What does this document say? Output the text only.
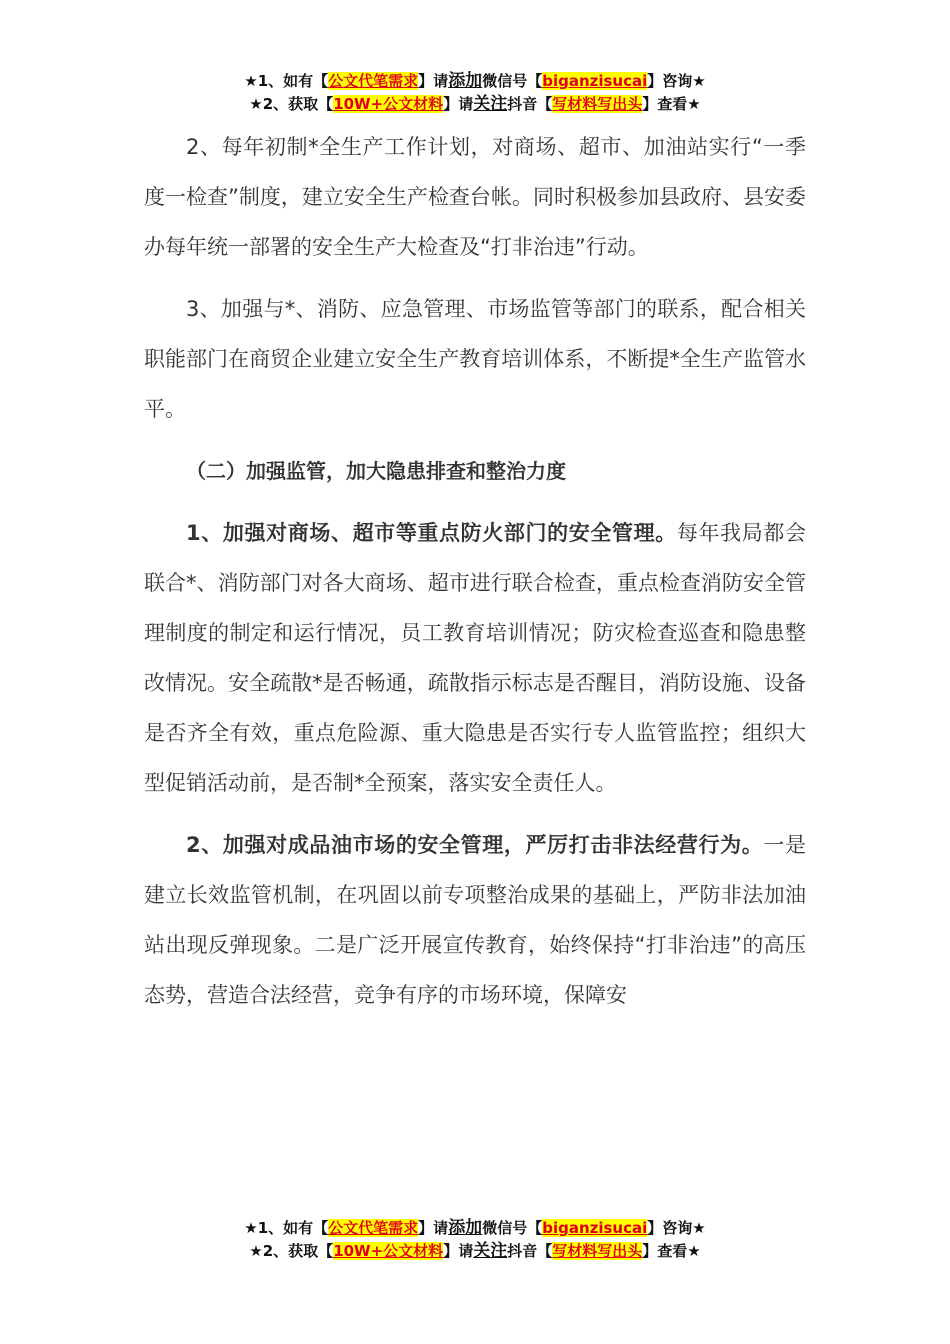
★1、如有【公文代笔需求】请添加微信号【biganzisucai】咨询★
★2、获取【10W+公文材料】请关注抖音【写材料写出头】查看★

2、每年初制*全生产工作计划，对商场、超市、加油站实行“一季度一检查”制度，建立安全生产检查台帐。同时积极参加县政府、县安委办每年统一部署的安全生产大检查及“打非治违”行动。

3、加强与*、消防、应急管理、市场监管等部门的联系，配合相关职能部门在商贸企业建立安全生产教育培训体系，不断提*全生产监管水平。

（二）加强监管，加大隐患排查和整治力度

1、加强对商场、超市等重点防火部门的安全管理。每年我局都会联合*、消防部门对各大商场、超市进行联合检查，重点检查消防安全管理制度的制定和运行情况，员工教育培训情况；防灾检查巡查和隐患整改情况。安全疏散*是否畅通，疏散指示标志是否醒目，消防设施、设备是否齐全有效，重点危险源、重大隐患是否实行专人监管监控；组织大型促销活动前，是否制*全预案，落实安全责任人。

2、加强对成品油市场的安全管理，严厉打击非法经营行为。一是建立长效监管机制，在巩固以前专项整治成果的基础上，严防非法加油站出现反弹现象。二是广泛开展宣传教育，始终保持“打非治违”的高压态势，营造合法经营，竞争有序的市场环境，保障安

★1、如有【公文代笔需求】请添加微信号【biganzisucai】咨询★
★2、获取【10W+公文材料】请关注抖音【写材料写出头】查看★
